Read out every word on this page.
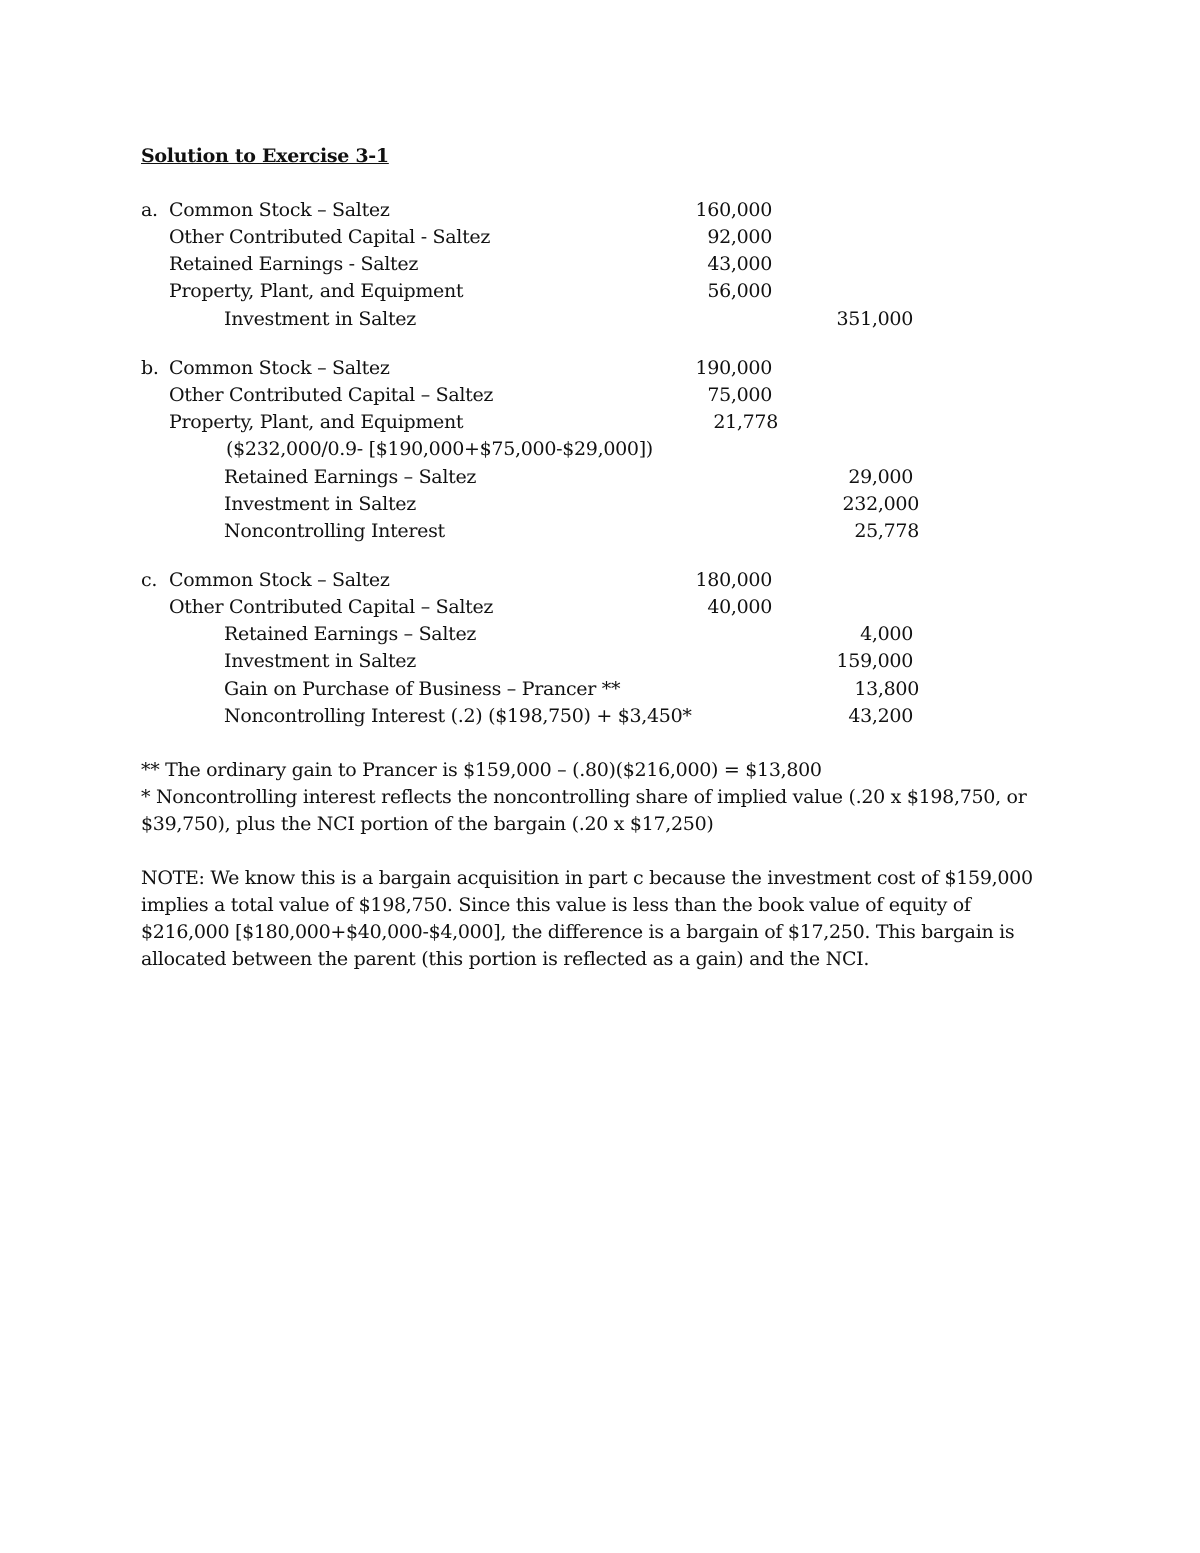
Solution to Exercise 3-1
a. Common Stock – Saltez	160,000
Other Contributed Capital - Saltez	92,000
Retained Earnings - Saltez	43,000
Property, Plant, and Equipment	56,000
Investment in Saltez	351,000
b. Common Stock – Saltez	190,000
Other Contributed Capital – Saltez	75,000
Property, Plant, and Equipment	21,778
($232,000/0.9- [$190,000+$75,000-$29,000])
Retained Earnings – Saltez	29,000
Investment in Saltez	232,000
Noncontrolling Interest	25,778
c. Common Stock – Saltez	180,000
Other Contributed Capital – Saltez	40,000
Retained Earnings – Saltez	4,000
Investment in Saltez	159,000
Gain on Purchase of Business – Prancer **	13,800
Noncontrolling Interest (.2) ($198,750) + $3,450*	43,200
** The ordinary gain to Prancer is $159,000 – (.80)($216,000) = $13,800
* Noncontrolling interest reflects the noncontrolling share of implied value (.20 x $198,750, or
$39,750), plus the NCI portion of the bargain (.20 x $17,250)
NOTE: We know this is a bargain acquisition in part c because the investment cost of $159,000
implies a total value of $198,750. Since this value is less than the book value of equity of
$216,000 [$180,000+$40,000-$4,000], the difference is a bargain of $17,250. This bargain is
allocated between the parent (this portion is reflected as a gain) and the NCI.
